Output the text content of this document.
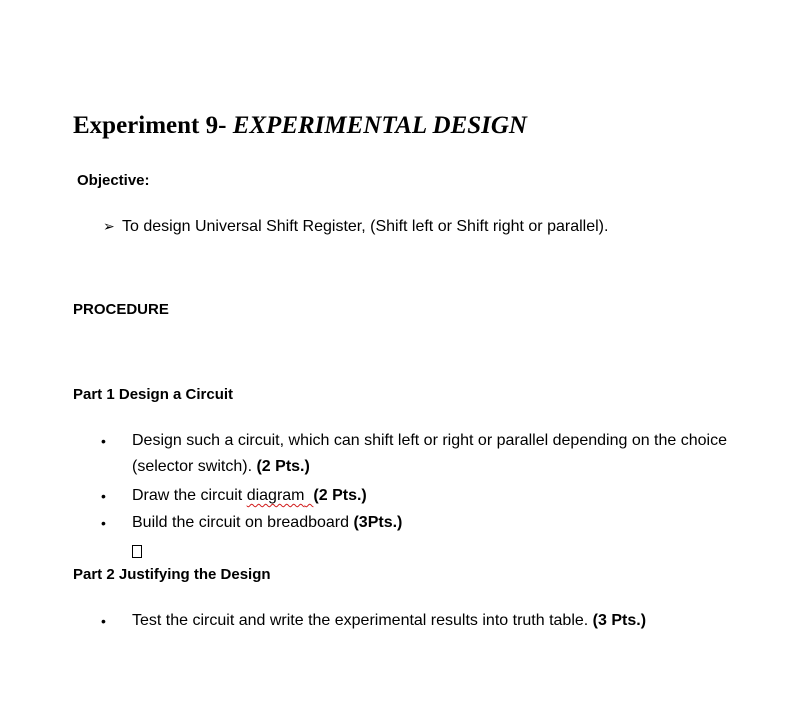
Experiment 9- EXPERIMENTAL DESIGN
Objective:
➢ To design Universal Shift Register, (Shift left or Shift right or parallel).
PROCEDURE
Part 1 Design a Circuit
•	Design such a circuit, which can shift left or right or parallel depending on the choice (selector switch). (2 Pts.)
•	Draw the circuit diagram (2 Pts.)
•	Build the circuit on breadboard (3Pts.)
Part 2 Justifying the Design
•	Test the circuit and write the experimental results into truth table. (3 Pts.)
